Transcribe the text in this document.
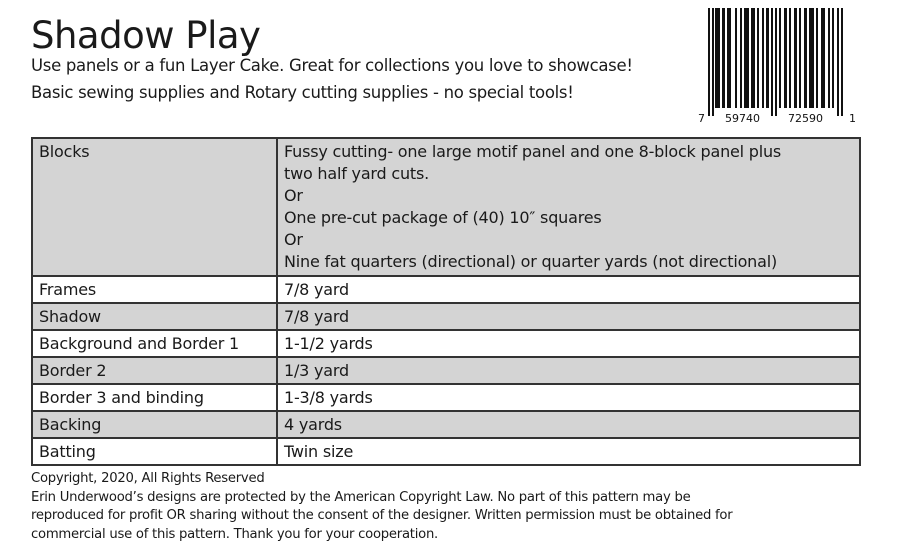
Shadow Play
Use panels or a fun Layer Cake. Great for collections you love to showcase!
Basic sewing supplies and Rotary cutting supplies - no special tools!
7 59740	72590 1
Blocks	Fussy cutting- one large motif panel and one 8-block panel plus
two half yard cuts.
Or
One pre-cut package of (40) 10″ squares
Or
Nine fat quarters (directional) or quarter yards (not directional)
Frames	7/8 yard
Shadow	7/8 yard
Background and Border 1	1-1/2 yards
Border 2	1/3 yard
Border 3 and binding	1-3/8 yards
Backing	4 yards
Batting	Twin size
Copyright, 2020, All Rights Reserved
Erin Underwood’s designs are protected by the American Copyright Law. No part of this pattern may be
reproduced for profit OR sharing without the consent of the designer. Written permission must be obtained for
commercial use of this pattern. Thank you for your cooperation.
